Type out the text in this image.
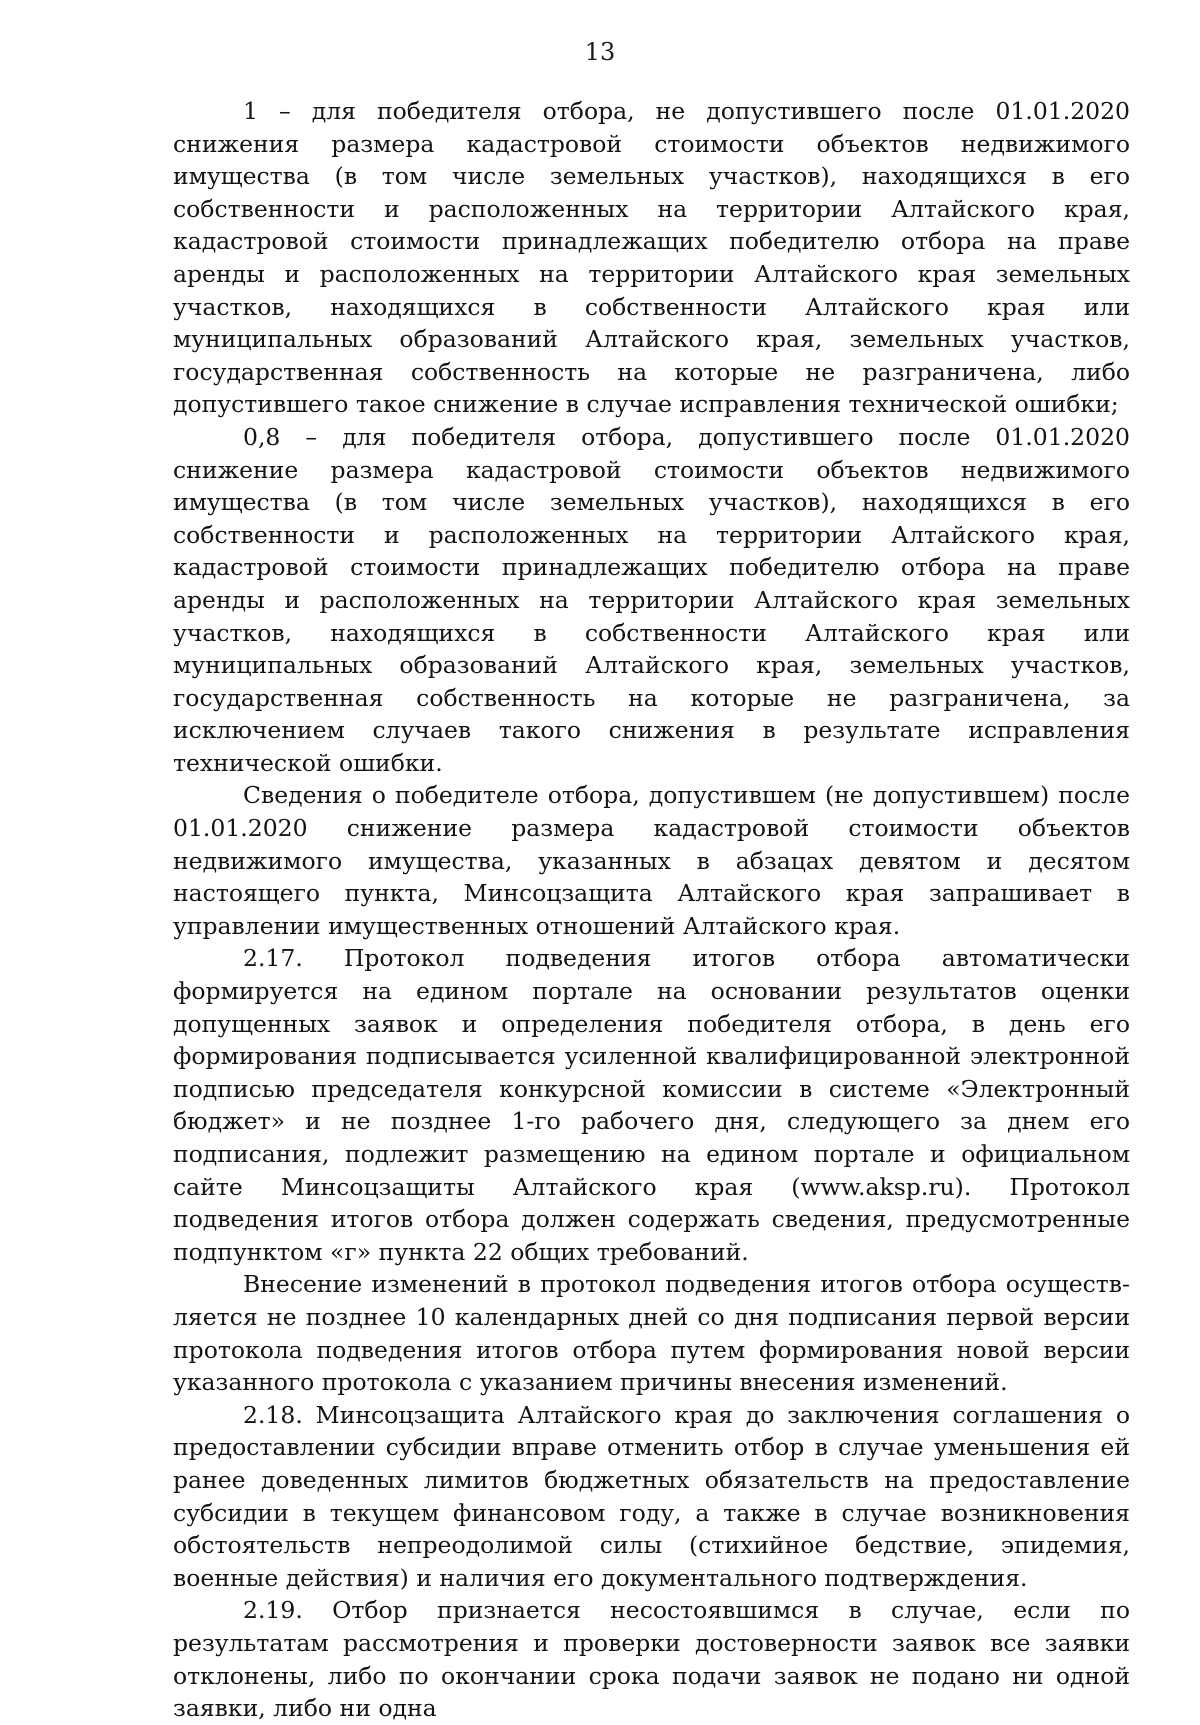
13

1 – для победителя отбора, не допустившего после 01.01.2020 снижения размера кадастровой стоимости объектов недвижимого имущества (в том числе земельных участков), находящихся в его собственности и расположенных на территории Алтайского края, кадастровой стоимости принадлежащих победителю отбора на праве аренды и расположенных на территории Алтайского края земельных участков, находящихся в собственности Алтайского края или муниципальных образований Алтайского края, земельных участков, государственная собственность на которые не разграничена, либо допустившего такое снижение в случае исправления технической ошибки;

0,8 – для победителя отбора, допустившего после 01.01.2020 снижение размера кадастровой стоимости объектов недвижимого имущества (в том числе земельных участков), находящихся в его собственности и расположенных на территории Алтайского края, кадастровой стоимости принадлежащих победителю отбора на праве аренды и расположенных на территории Алтайского края земельных участков, находящихся в собственности Алтайского края или муниципальных образований Алтайского края, земельных участков, государственная собственность на которые не разграничена, за исключением случаев такого снижения в результате исправления технической ошибки.

Сведения о победителе отбора, допустившем (не допустившем) после 01.01.2020 снижение размера кадастровой стоимости объектов недвижимого имущества, указанных в абзацах девятом и десятом настоящего пункта, Минсоцзащита Алтайского края запрашивает в управлении имущественных отношений Алтайского края.

2.17. Протокол подведения итогов отбора автоматически формируется на едином портале на основании результатов оценки допущенных заявок и определения победителя отбора, в день его формирования подписывается усиленной квалифицированной электронной подписью председателя конкурсной комиссии в системе «Электронный бюджет» и не позднее 1-го рабочего дня, следующего за днем его подписания, подлежит размещению на едином портале и официальном сайте Минсоцзащиты Алтайского края (www.aksp.ru). Протокол подведения итогов отбора должен содержать сведения, предусмотренные подпунктом «г» пункта 22 общих требований.

Внесение изменений в протокол подведения итогов отбора осуществляется не позднее 10 календарных дней со дня подписания первой версии протокола подведения итогов отбора путем формирования новой версии указанного протокола с указанием причины внесения изменений.

2.18. Минсоцзащита Алтайского края до заключения соглашения о предоставлении субсидии вправе отменить отбор в случае уменьшения ей ранее доведенных лимитов бюджетных обязательств на предоставление субсидии в текущем финансовом году, а также в случае возникновения обстоятельств непреодолимой силы (стихийное бедствие, эпидемия, военные действия) и наличия его документального подтверждения.

2.19. Отбор признается несостоявшимся в случае, если по результатам рассмотрения и проверки достоверности заявок все заявки отклонены, либо по окончании срока подачи заявок не подано ни одной заявки, либо ни одна
